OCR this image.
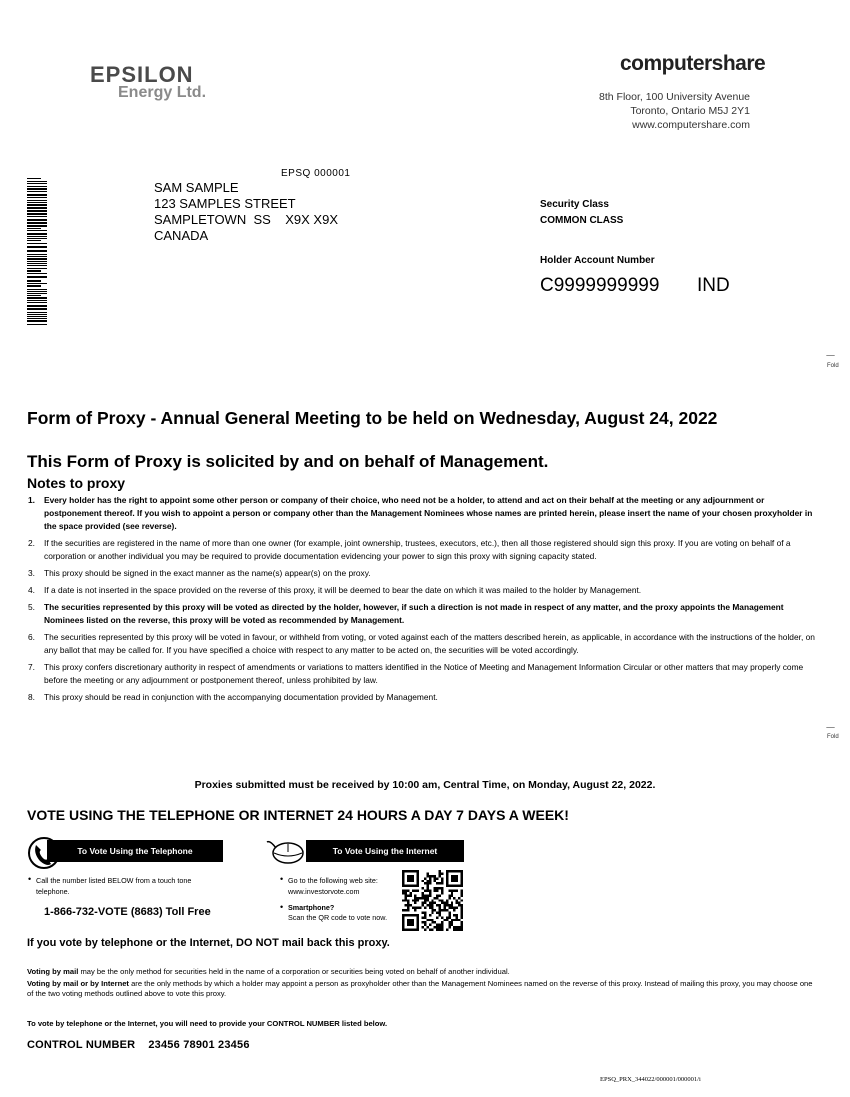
EPSILON
Energy Ltd.
computershare
8th Floor, 100 University Avenue
Toronto, Ontario M5J 2Y1
www.computershare.com
EPSQ 000001
SAM SAMPLE
123 SAMPLES STREET
SAMPLETOWN  SS    X9X X9X
CANADA
Security Class
COMMON CLASS
Holder Account Number
C9999999999 IND
--------
Fold
--------
Fold
Form of Proxy - Annual General Meeting to be held on Wednesday, August 24, 2022
This Form of Proxy is solicited by and on behalf of Management.
Notes to proxy
1. Every holder has the right to appoint some other person or company of their choice, who need not be a holder, to attend and act on their behalf at the meeting or any adjournment or postponement thereof. If you wish to appoint a person or company other than the Management Nominees whose names are printed herein, please insert the name of your chosen proxyholder in the space provided (see reverse).
2. If the securities are registered in the name of more than one owner (for example, joint ownership, trustees, executors, etc.), then all those registered should sign this proxy. If you are voting on behalf of a corporation or another individual you may be required to provide documentation evidencing your power to sign this proxy with signing capacity stated.
3. This proxy should be signed in the exact manner as the name(s) appear(s) on the proxy.
4. If a date is not inserted in the space provided on the reverse of this proxy, it will be deemed to bear the date on which it was mailed to the holder by Management.
5. The securities represented by this proxy will be voted as directed by the holder, however, if such a direction is not made in respect of any matter, and the proxy appoints the Management Nominees listed on the reverse, this proxy will be voted as recommended by Management.
6. The securities represented by this proxy will be voted in favour, or withheld from voting, or voted against each of the matters described herein, as applicable, in accordance with the instructions of the holder, on any ballot that may be called for. If you have specified a choice with respect to any matter to be acted on, the securities will be voted accordingly.
7. This proxy confers discretionary authority in respect of amendments or variations to matters identified in the Notice of Meeting and Management Information Circular or other matters that may properly come before the meeting or any adjournment or postponement thereof, unless prohibited by law.
8. This proxy should be read in conjunction with the accompanying documentation provided by Management.
Proxies submitted must be received by 10:00 am, Central Time, on Monday, August 22, 2022.
VOTE USING THE TELEPHONE OR INTERNET 24 HOURS A DAY 7 DAYS A WEEK!
To Vote Using the Telephone
• Call the number listed BELOW from a touch tone telephone.
1-866-732-VOTE (8683) Toll Free
To Vote Using the Internet
• Go to the following web site:
www.investorvote.com
• Smartphone?
Scan the QR code to vote now.
If you vote by telephone or the Internet, DO NOT mail back this proxy.
Voting by mail may be the only method for securities held in the name of a corporation or securities being voted on behalf of another individual.
Voting by mail or by Internet are the only methods by which a holder may appoint a person as proxyholder other than the Management Nominees named on the reverse of this proxy. Instead of mailing this proxy, you may choose one of the two voting methods outlined above to vote this proxy.
To vote by telephone or the Internet, you will need to provide your CONTROL NUMBER listed below.
CONTROL NUMBER 23456 78901 23456
EPSQ_PRX_344022/000001/000001/i
